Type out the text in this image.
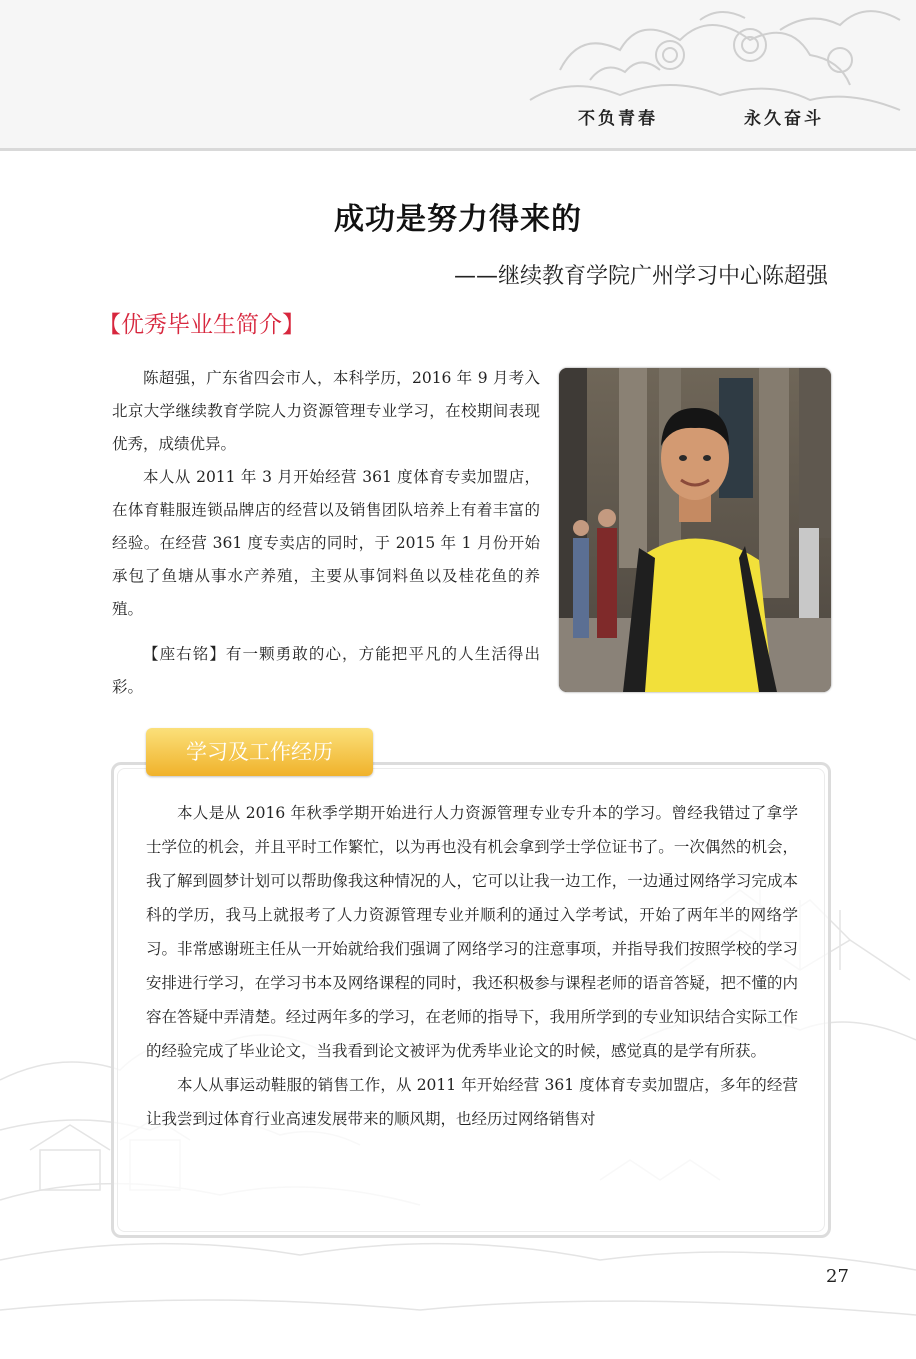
不负青春	永久奋斗
成功是努力得来的
——继续教育学院广州学习中心陈超强
【优秀毕业生简介】

陈超强，广东省四会市人，本科学历，2016 年 9 月考入北京大学继续教育学院人力资源管理专业学习，在校期间表现优秀，成绩优异。

本人从 2011 年 3 月开始经营 361 度体育专卖加盟店，在体育鞋服连锁品牌店的经营以及销售团队培养上有着丰富的经验。在经营 361 度专卖店的同时，于 2015 年 1 月份开始承包了鱼塘从事水产养殖，主要从事饲料鱼以及桂花鱼的养殖。

【座右铭】有一颗勇敢的心，方能把平凡的人生活得出彩。

学习及工作经历

本人是从 2016 年秋季学期开始进行人力资源管理专业专升本的学习。曾经我错过了拿学士学位的机会，并且平时工作繁忙，以为再也没有机会拿到学士学位证书了。一次偶然的机会，我了解到圆梦计划可以帮助像我这种情况的人，它可以让我一边工作，一边通过网络学习完成本科的学历，我马上就报考了人力资源管理专业并顺利的通过入学考试，开始了两年半的网络学习。非常感谢班主任从一开始就给我们强调了网络学习的注意事项，并指导我们按照学校的学习安排进行学习，在学习书本及网络课程的同时，我还积极参与课程老师的语音答疑，把不懂的内容在答疑中弄清楚。经过两年多的学习，在老师的指导下，我用所学到的专业知识结合实际工作的经验完成了毕业论文，当我看到论文被评为优秀毕业论文的时候，感觉真的是学有所获。

本人从事运动鞋服的销售工作，从 2011 年开始经营 361 度体育专卖加盟店，多年的经营让我尝到过体育行业高速发展带来的顺风期，也经历过网络销售对

27
